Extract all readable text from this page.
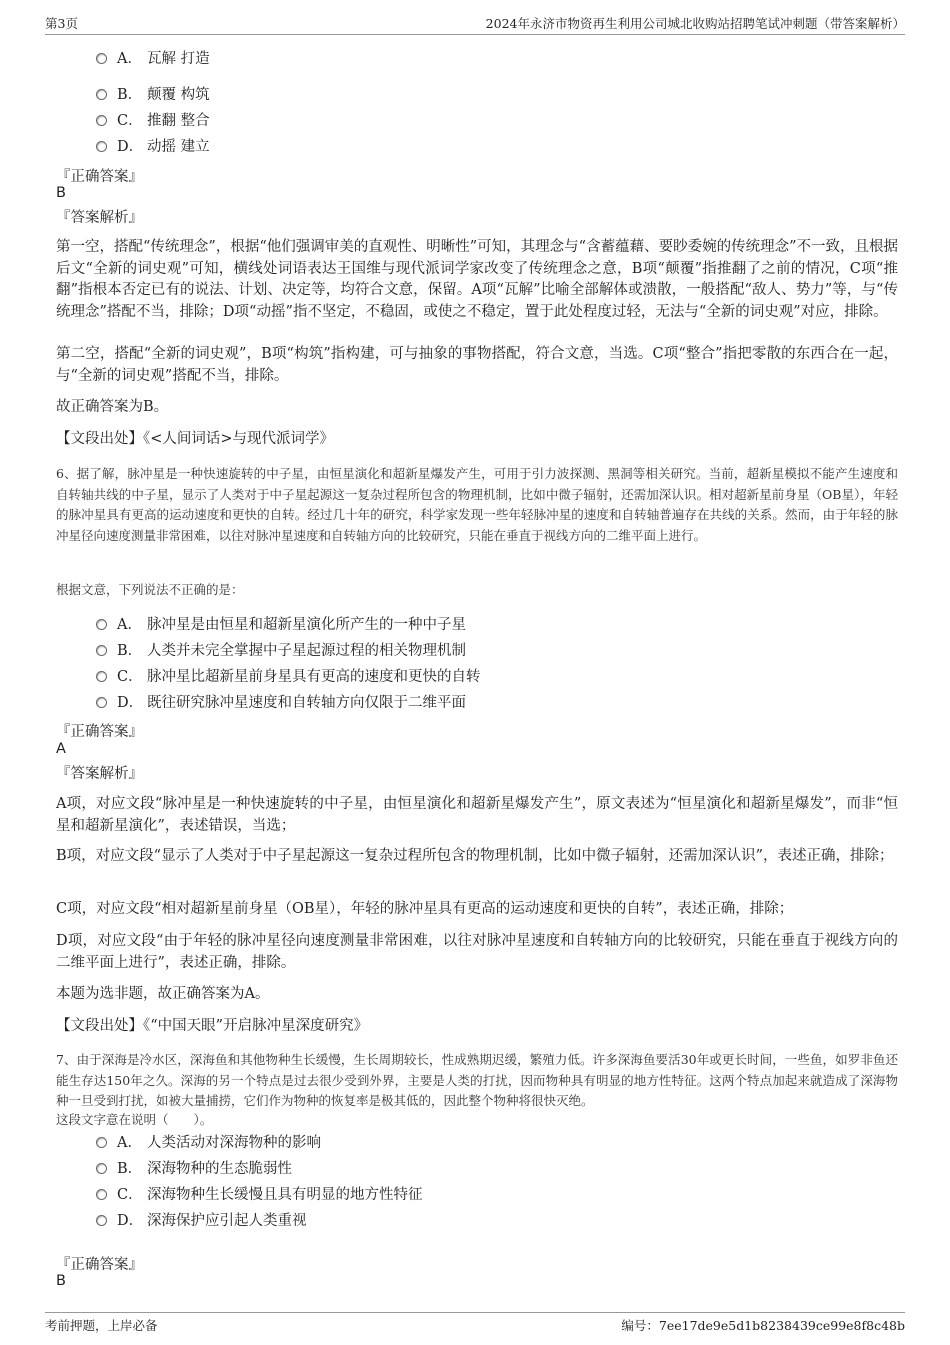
第3页	2024年永济市物资再生利用公司城北收购站招聘笔试冲刺题（带答案解析）
A． 瓦解 打造
B． 颠覆 构筑
C． 推翻 整合
D． 动摇 建立
『正确答案』
B
『答案解析』
第一空，搭配“传统理念”，根据“他们强调审美的直观性、明晰性”可知，其理念与“含蓄蕴藉、要眇委婉的传统理念”不一致，且根据后文“全新的词史观”可知，横线处词语表达王国维与现代派词学家改变了传统理念之意，B项“颠覆”指推翻了之前的情况，C项“推翻”指根本否定已有的说法、计划、决定等，均符合文意，保留。A项“瓦解”比喻全部解体或溃散，一般搭配“敌人、势力”等，与“传统理念”搭配不当，排除；D项“动摇”指不坚定，不稳固，或使之不稳定，置于此处程度过轻，无法与“全新的词史观”对应，排除。
第二空，搭配“全新的词史观”，B项“构筑”指构建，可与抽象的事物搭配，符合文意，当选。C项“整合”指把零散的东西合在一起，与“全新的词史观”搭配不当，排除。
故正确答案为B。
【文段出处】《<人间词话>与现代派词学》
6、据了解，脉冲星是一种快速旋转的中子星，由恒星演化和超新星爆发产生，可用于引力波探测、黑洞等相关研究。当前，超新星模拟不能产生速度和自转轴共线的中子星，显示了人类对于中子星起源这一复杂过程所包含的物理机制，比如中微子辐射，还需加深认识。相对超新星前身星（OB星），年轻的脉冲星具有更高的运动速度和更快的自转。经过几十年的研究，科学家发现一些年轻脉冲星的速度和自转轴普遍存在共线的关系。然而，由于年轻的脉冲星径向速度测量非常困难，以往对脉冲星速度和自转轴方向的比较研究，只能在垂直于视线方向的二维平面上进行。
根据文意，下列说法不正确的是：
A． 脉冲星是由恒星和超新星演化所产生的一种中子星
B． 人类并未完全掌握中子星起源过程的相关物理机制
C． 脉冲星比超新星前身星具有更高的速度和更快的自转
D． 既往研究脉冲星速度和自转轴方向仅限于二维平面
『正确答案』
A
『答案解析』
A项，对应文段“脉冲星是一种快速旋转的中子星，由恒星演化和超新星爆发产生”，原文表述为“恒星演化和超新星爆发”，而非“恒星和超新星演化”，表述错误，当选；
B项，对应文段“显示了人类对于中子星起源这一复杂过程所包含的物理机制，比如中微子辐射，还需加深认识”，表述正确，排除；
C项，对应文段“相对超新星前身星（OB星），年轻的脉冲星具有更高的运动速度和更快的自转”，表述正确，排除；
D项，对应文段“由于年轻的脉冲星径向速度测量非常困难，以往对脉冲星速度和自转轴方向的比较研究，只能在垂直于视线方向的二维平面上进行”，表述正确，排除。
本题为选非题，故正确答案为A。
【文段出处】《“中国天眼”开启脉冲星深度研究》
7、由于深海是冷水区，深海鱼和其他物种生长缓慢，生长周期较长，性成熟期迟缓，繁殖力低。许多深海鱼要活30年或更长时间，一些鱼，如罗非鱼还能生存达150年之久。深海的另一个特点是过去很少受到外界，主要是人类的打扰，因而物种具有明显的地方性特征。这两个特点加起来就造成了深海物种一旦受到打扰，如被大量捕捞，它们作为物种的恢复率是极其低的，因此整个物种将很快灭绝。
这段文字意在说明（　　）。
A． 人类活动对深海物种的影响
B． 深海物种的生态脆弱性
C． 深海物种生长缓慢且具有明显的地方性特征
D． 深海保护应引起人类重视
『正确答案』
B
考前押题，上岸必备	编号：7ee17de9e5d1b8238439ce99e8f8c48b
